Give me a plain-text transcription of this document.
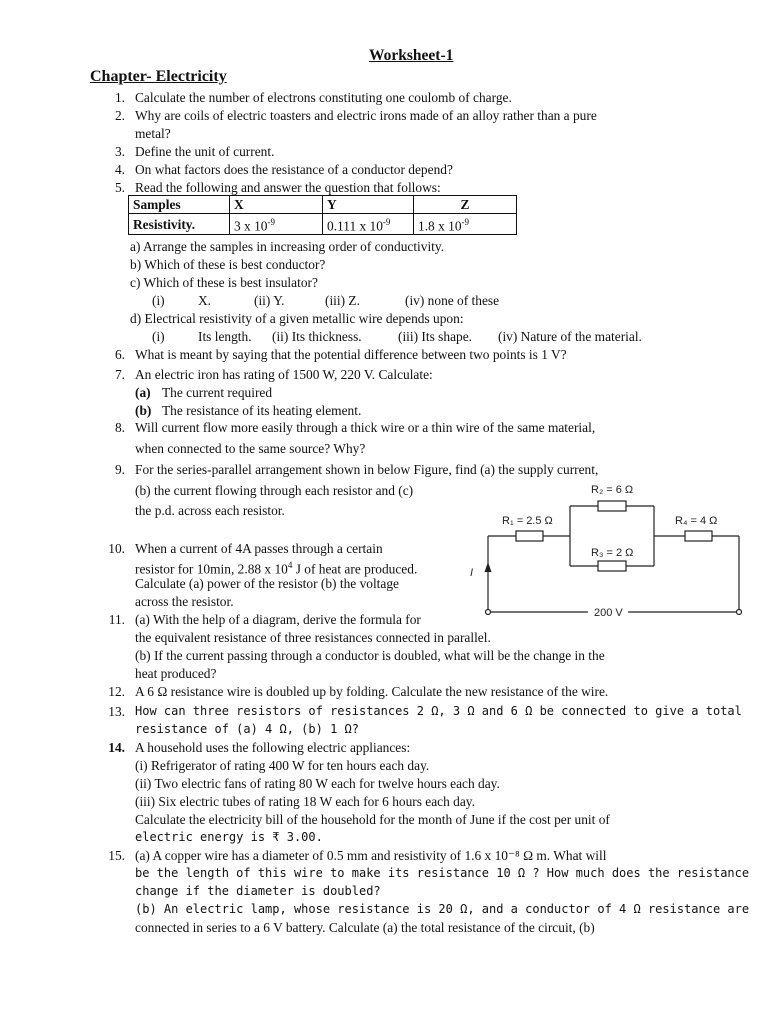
Worksheet-1
Chapter- Electricity
1. Calculate the number of electrons constituting one coulomb of charge.
2. Why are coils of electric toasters and electric irons made of an alloy rather than a pure
metal?
3. Define the unit of current.
4. On what factors does the resistance of a conductor depend?
5. Read the following and answer the question that follows:
Samples	X	Y	Z
Resistivity.	3 x $10^{-9}$	0.111 x $10^{-9}$	1.8 x $10^{-9}$
a) Arrange the samples in increasing order of conductivity.
b) Which of these is best conductor?
c) Which of these is best insulator?
(i) X.	(ii) Y.	(iii) Z.	(iv) none of these
d) Electrical resistivity of a given metallic wire depends upon:
(i) Its length. (ii) Its thickness.	(iii) Its shape. (iv) Nature of the material.
6. What is meant by saying that the potential difference between two points is 1 V?
7. An electric iron has rating of 1500 W, 220 V. Calculate:
(a) The current required
(b) The resistance of its heating element.
8. Will current flow more easily through a thick wire or a thin wire of the same material,
when connected to the same source? Why?
9. For the series-parallel arrangement shown in below Figure, find (a) the supply current,
(b) the current flowing through each resistor and (c)
the p.d. across each resistor.
I
R₁ = 2.5 Ω
R₂ = 6 Ω
R₃ = 2 Ω
R₄ = 4 Ω
200 V
10. When a current of 4A passes through a certain
resistor for 10min, 2.88 x $10^4$ J of heat are produced.
Calculate (a) power of the resistor (b) the voltage
across the resistor.
11. (a) With the help of a diagram, derive the formula for
the equivalent resistance of three resistances connected in parallel.
(b) If the current passing through a conductor is doubled, what will be the change in the
heat produced?
12. A 6 Ω resistance wire is doubled up by folding. Calculate the new resistance of the wire.
13. How can three resistors of resistances 2 Ω, 3 Ω and 6 Ω be connected to give a total
resistance of (a) 4 Ω, (b) 1 Ω?
14. A household uses the following electric appliances:
(i) Refrigerator of rating 400 W for ten hours each day.
(ii) Two electric fans of rating 80 W each for twelve hours each day.
(iii) Six electric tubes of rating 18 W each for 6 hours each day.
Calculate the electricity bill of the household for the month of June if the cost per unit of
electric energy is ₹ 3.00.
15. (a) A copper wire has a diameter of 0.5 mm and resistivity of 1.6 x 10⁻⁸ Ω m. What will
be the length of this wire to make its resistance 10 Ω ? How much does the resistance
change if the diameter is doubled?
(b) An electric lamp, whose resistance is 20 Ω, and a conductor of 4 Ω resistance are
connected in series to a 6 V battery. Calculate (a) the total resistance of the circuit, (b)
